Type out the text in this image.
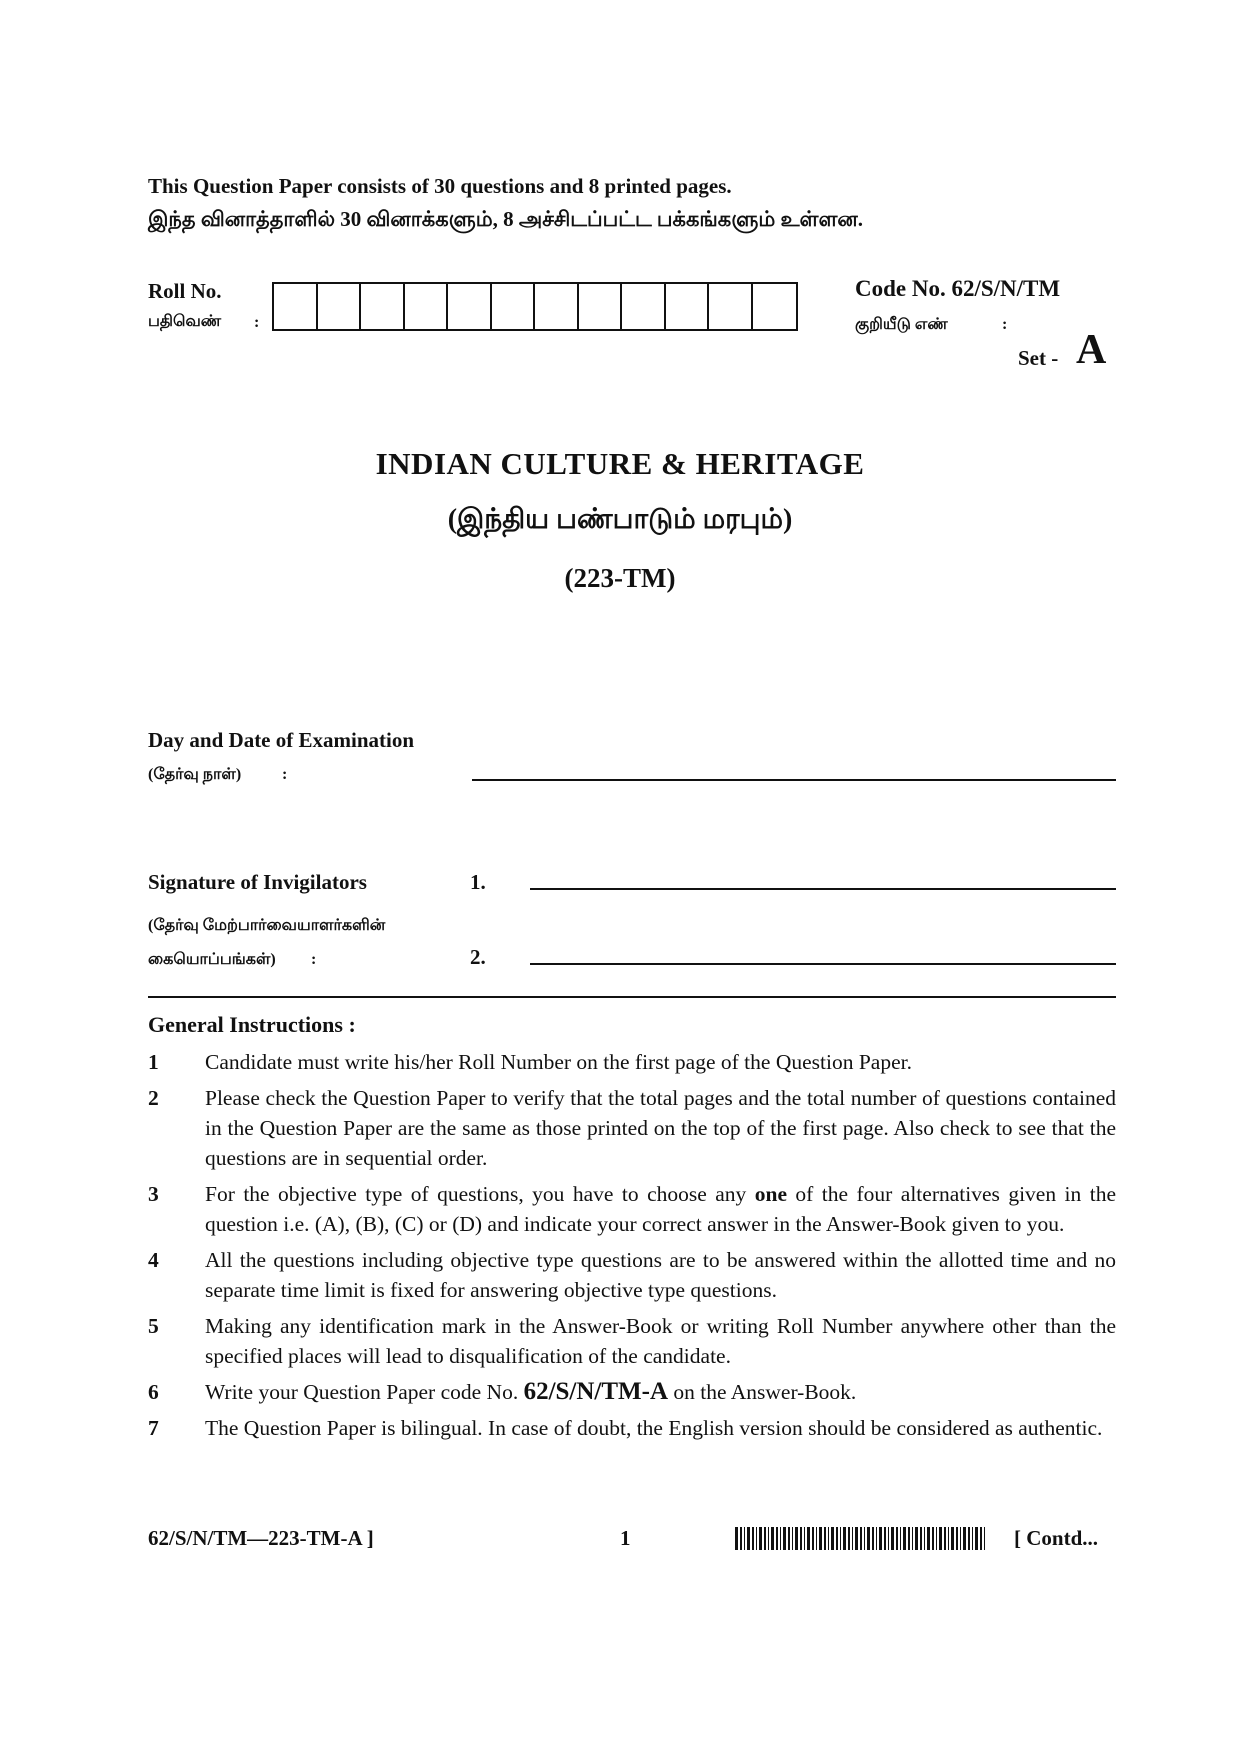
This Question Paper consists of 30 questions and 8 printed pages.
இந்த வினாத்தாளில் 30 வினாக்களும், 8 அச்சிடப்பட்ட பக்கங்களும் உள்ளன.
Roll No.
பதிவெண் :
Code No. 62/S/N/TM
குறியீடு எண்	:
Set - A
INDIAN CULTURE & HERITAGE
(இந்திய பண்பாடும் மரபும்)
(223-TM)
Day and Date of Examination
(தேர்வு நாள்)	:
Signature of Invigilators
(தேர்வு மேற்பார்வையாளர்களின்
கையொப்பங்கள்) :
1.
2.
General Instructions :
1	Candidate must write his/her Roll Number on the first page of the Question Paper.
2	Please check the Question Paper to verify that the total pages and the total number of questions contained in the Question Paper are the same as those printed on the top of the first page. Also check to see that the questions are in sequential order.
3	For the objective type of questions, you have to choose any one of the four alternatives given in the question i.e. (A), (B), (C) or (D) and indicate your correct answer in the Answer-Book given to you.
4	All the questions including objective type questions are to be answered within the allotted time and no separate time limit is fixed for answering objective type questions.
5	Making any identification mark in the Answer-Book or writing Roll Number anywhere other than the specified places will lead to disqualification of the candidate.
6	Write your Question Paper code No. 62/S/N/TM-A on the Answer-Book.
7	The Question Paper is bilingual. In case of doubt, the English version should be considered as authentic.
62/S/N/TM—223-TM-A ]	1	[ Contd...
